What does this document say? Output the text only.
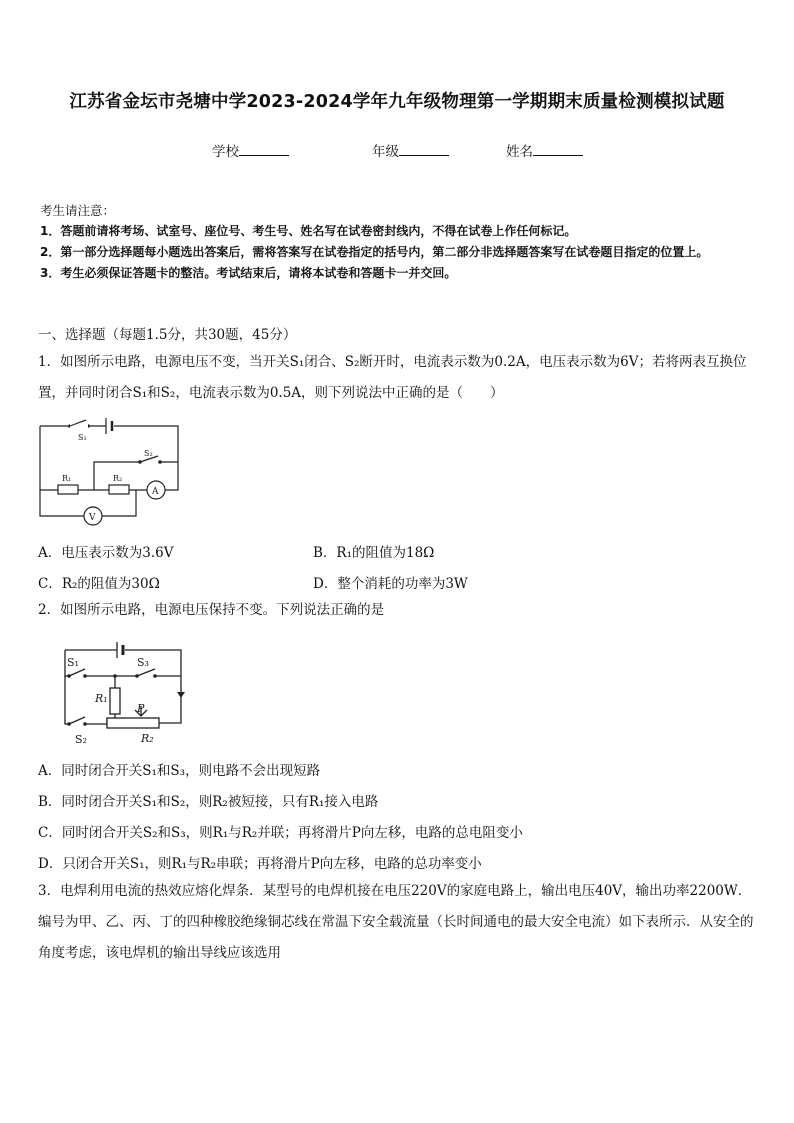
江苏省金坛市尧塘中学2023-2024学年九年级物理第一学期期末质量检测模拟试题
学校	年级	姓名
考生请注意：
1．答题前请将考场、试室号、座位号、考生号、姓名写在试卷密封线内，不得在试卷上作任何标记。
2．第一部分选择题每小题选出答案后，需将答案写在试卷指定的括号内，第二部分非选择题答案写在试卷题目指定的位置上。
3．考生必须保证答题卡的整洁。考试结束后，请将本试卷和答题卡一并交回。
一、选择题（每题1.5分，共30题，45分）
1．如图所示电路，电源电压不变，当开关S₁闭合、S₂断开时，电流表示数为0.2A，电压表示数为6V；若将两表互换位置，并同时闭合S₁和S₂，电流表示数为0.5A，则下列说法中正确的是（　　）
S₁
S₂
R₁	R₂
A
V
A．电压表示数为3.6V	B．R₁的阻值为18Ω
C．R₂的阻值为30Ω	D．整个消耗的功率为3W
2．如图所示电路，电源电压保持不变。下列说法正确的是
S₁	S₃
R₁
P
S₂	R₂
A．同时闭合开关S₁和S₃，则电路不会出现短路
B．同时闭合开关S₁和S₂，则R₂被短接，只有R₁接入电路
C．同时闭合开关S₂和S₃，则R₁与R₂并联；再将滑片P向左移，电路的总电阻变小
D．只闭合开关S₁，则R₁与R₂串联；再将滑片P向左移，电路的总功率变小
3．电焊利用电流的热效应熔化焊条．某型号的电焊机接在电压220V的家庭电路上，输出电压40V，输出功率2200W．编号为甲、乙、丙、丁的四种橡胶绝缘铜芯线在常温下安全载流量（长时间通电的最大安全电流）如下表所示．从安全的角度考虑，该电焊机的输出导线应该选用
